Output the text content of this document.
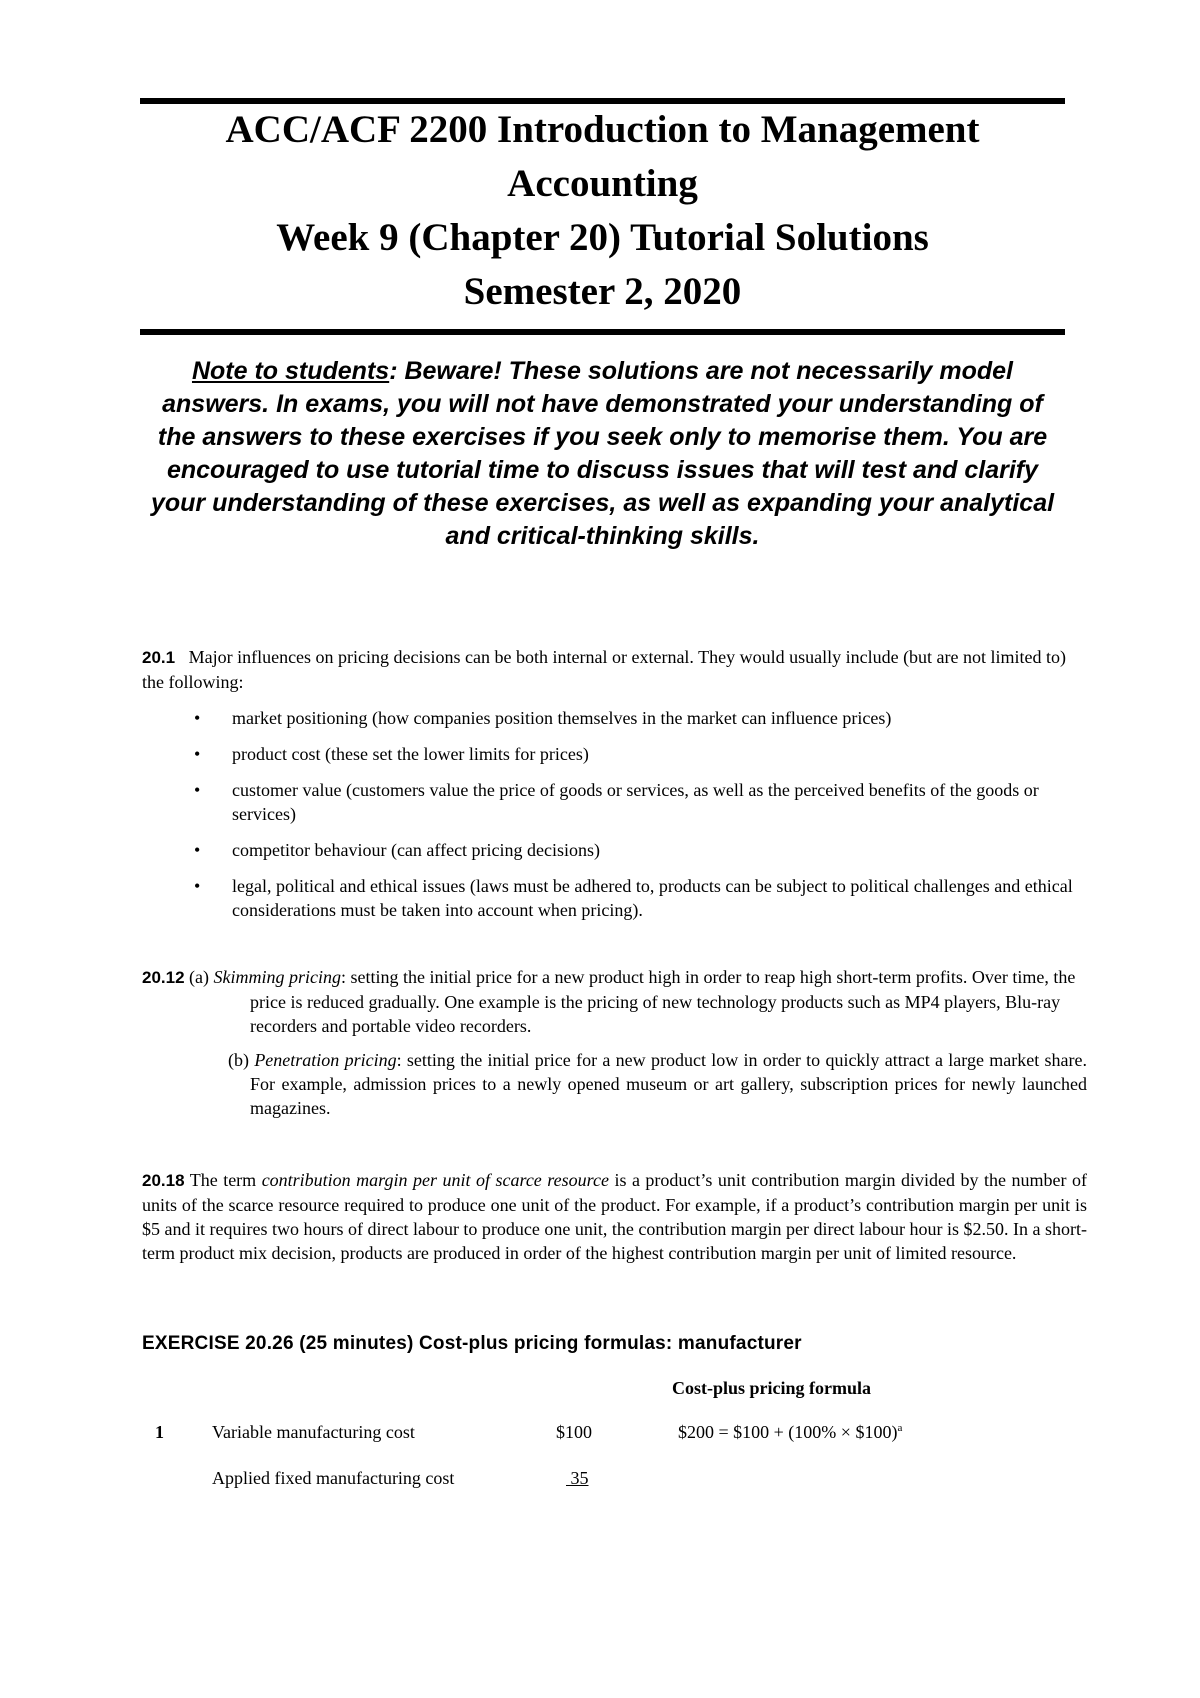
ACC/ACF 2200 Introduction to Management
Accounting
Week 9 (Chapter 20) Tutorial Solutions
Semester 2, 2020
Note to students: Beware! These solutions are not necessarily model answers. In exams, you will not have demonstrated your understanding of the answers to these exercises if you seek only to memorise them. You are encouraged to use tutorial time to discuss issues that will test and clarify your understanding of these exercises, as well as expanding your analytical and critical-thinking skills.
20.1 Major influences on pricing decisions can be both internal or external. They would usually include (but are not limited to) the following:
• market positioning (how companies position themselves in the market can influence prices)
• product cost (these set the lower limits for prices)
• customer value (customers value the price of goods or services, as well as the perceived benefits of the goods or services)
• competitor behaviour (can affect pricing decisions)
• legal, political and ethical issues (laws must be adhered to, products can be subject to political challenges and ethical considerations must be taken into account when pricing).
20.12 (a) Skimming pricing: setting the initial price for a new product high in order to reap high short-term profits. Over time, the price is reduced gradually. One example is the pricing of new technology products such as MP4 players, Blu-ray recorders and portable video recorders.
(b) Penetration pricing: setting the initial price for a new product low in order to quickly attract a large market share. For example, admission prices to a newly opened museum or art gallery, subscription prices for newly launched magazines.
20.18 The term contribution margin per unit of scarce resource is a product’s unit contribution margin divided by the number of units of the scarce resource required to produce one unit of the product. For example, if a product’s contribution margin per unit is $5 and it requires two hours of direct labour to produce one unit, the contribution margin per direct labour hour is $2.50. In a short-term product mix decision, products are produced in order of the highest contribution margin per unit of limited resource.
EXERCISE 20.26 (25 minutes) Cost-plus pricing formulas: manufacturer
Cost-plus pricing formula
1	Variable manufacturing cost	$100	$200 = $100 + (100% × $100)$^a$
Applied fixed manufacturing cost	35
